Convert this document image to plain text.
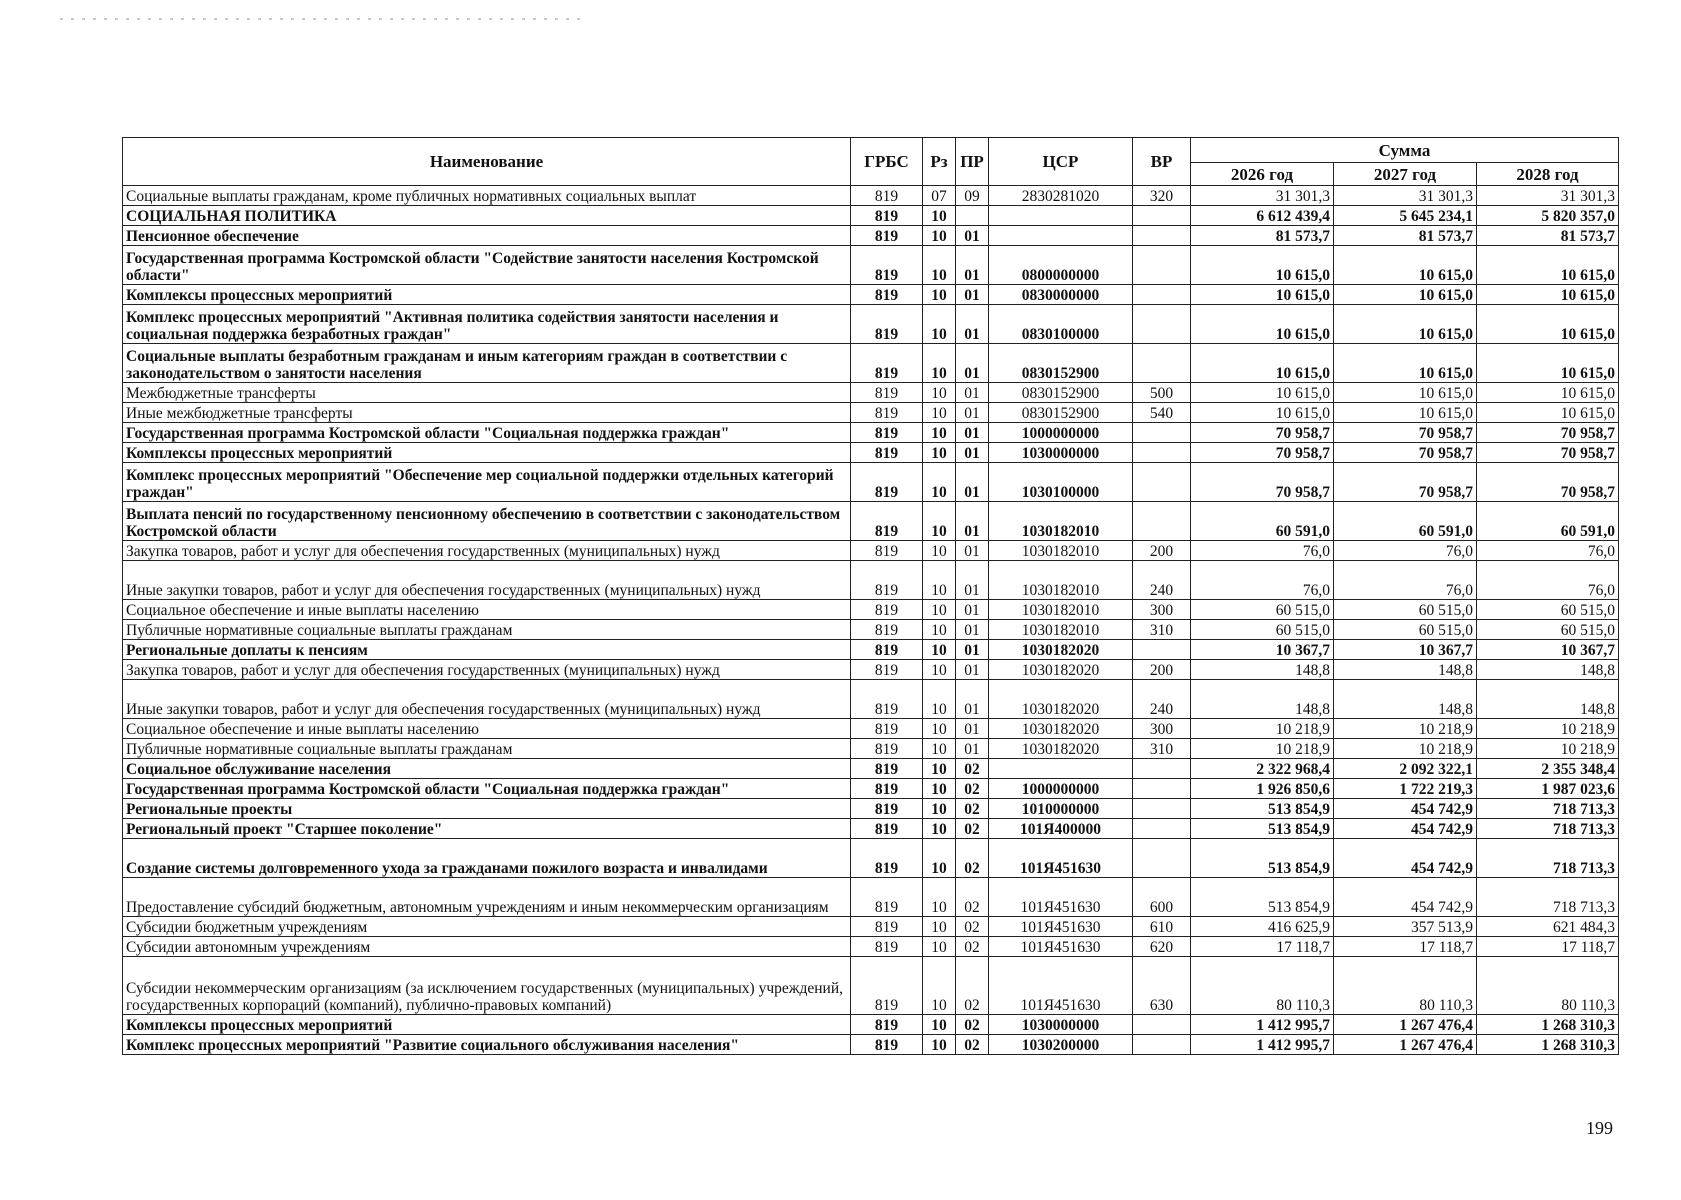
Наименование	ГРБС	Рз	ПР	ЦСР	ВР	Сумма		
						2026 год	2027 год	2028 год
Социальные выплаты гражданам, кроме публичных нормативных социальных выплат	819	07	09	2830281020	320	31 301,3	31 301,3	31 301,3
СОЦИАЛЬНАЯ ПОЛИТИКА	819	10				6 612 439,4	5 645 234,1	5 820 357,0
Пенсионное обеспечение	819	10	01			81 573,7	81 573,7	81 573,7
Государственная программа Костромской области "Содействие занятости населения Костромской области"	819	10	01	0800000000		10 615,0	10 615,0	10 615,0
Комплексы процессных мероприятий	819	10	01	0830000000		10 615,0	10 615,0	10 615,0
Комплекс процессных мероприятий "Активная политика содействия занятости населения и социальная поддержка безработных граждан"	819	10	01	0830100000		10 615,0	10 615,0	10 615,0
Социальные выплаты безработным гражданам и иным категориям граждан в соответствии с законодательством о занятости населения	819	10	01	0830152900		10 615,0	10 615,0	10 615,0
Межбюджетные трансферты	819	10	01	0830152900	500	10 615,0	10 615,0	10 615,0
Иные межбюджетные трансферты	819	10	01	0830152900	540	10 615,0	10 615,0	10 615,0
Государственная программа Костромской области "Социальная поддержка граждан"	819	10	01	1000000000		70 958,7	70 958,7	70 958,7
Комплексы процессных мероприятий	819	10	01	1030000000		70 958,7	70 958,7	70 958,7
Комплекс процессных мероприятий "Обеспечение мер социальной поддержки отдельных категорий граждан"	819	10	01	1030100000		70 958,7	70 958,7	70 958,7
Выплата пенсий по государственному пенсионному обеспечению в соответствии с законодательством Костромской области	819	10	01	1030182010		60 591,0	60 591,0	60 591,0
Закупка товаров, работ и услуг для обеспечения государственных (муниципальных) нужд	819	10	01	1030182010	200	76,0	76,0	76,0
Иные закупки товаров, работ и услуг для обеспечения государственных (муниципальных) нужд	819	10	01	1030182010	240	76,0	76,0	76,0
Социальное обеспечение и иные выплаты населению	819	10	01	1030182010	300	60 515,0	60 515,0	60 515,0
Публичные нормативные социальные выплаты гражданам	819	10	01	1030182010	310	60 515,0	60 515,0	60 515,0
Региональные доплаты к пенсиям	819	10	01	1030182020		10 367,7	10 367,7	10 367,7
Закупка товаров, работ и услуг для обеспечения государственных (муниципальных) нужд	819	10	01	1030182020	200	148,8	148,8	148,8
Иные закупки товаров, работ и услуг для обеспечения государственных (муниципальных) нужд	819	10	01	1030182020	240	148,8	148,8	148,8
Социальное обеспечение и иные выплаты населению	819	10	01	1030182020	300	10 218,9	10 218,9	10 218,9
Публичные нормативные социальные выплаты гражданам	819	10	01	1030182020	310	10 218,9	10 218,9	10 218,9
Социальное обслуживание населения	819	10	02			2 322 968,4	2 092 322,1	2 355 348,4
Государственная программа Костромской области "Социальная поддержка граждан"	819	10	02	1000000000		1 926 850,6	1 722 219,3	1 987 023,6
Региональные проекты	819	10	02	1010000000		513 854,9	454 742,9	718 713,3
Региональный проект "Старшее поколение"	819	10	02	101Я400000		513 854,9	454 742,9	718 713,3
Создание системы долговременного ухода за гражданами пожилого возраста и инвалидами	819	10	02	101Я451630		513 854,9	454 742,9	718 713,3
Предоставление субсидий бюджетным, автономным учреждениям и иным некоммерческим организациям	819	10	02	101Я451630	600	513 854,9	454 742,9	718 713,3
Субсидии бюджетным учреждениям	819	10	02	101Я451630	610	416 625,9	357 513,9	621 484,3
Субсидии автономным учреждениям	819	10	02	101Я451630	620	17 118,7	17 118,7	17 118,7
Субсидии некоммерческим организациям (за исключением государственных (муниципальных) учреждений, государственных корпораций (компаний), публично-правовых компаний)	819	10	02	101Я451630	630	80 110,3	80 110,3	80 110,3
Комплексы процессных мероприятий	819	10	02	1030000000		1 412 995,7	1 267 476,4	1 268 310,3
Комплекс процессных мероприятий "Развитие социального обслуживания населения"	819	10	02	1030200000		1 412 995,7	1 267 476,4	1 268 310,3
199
